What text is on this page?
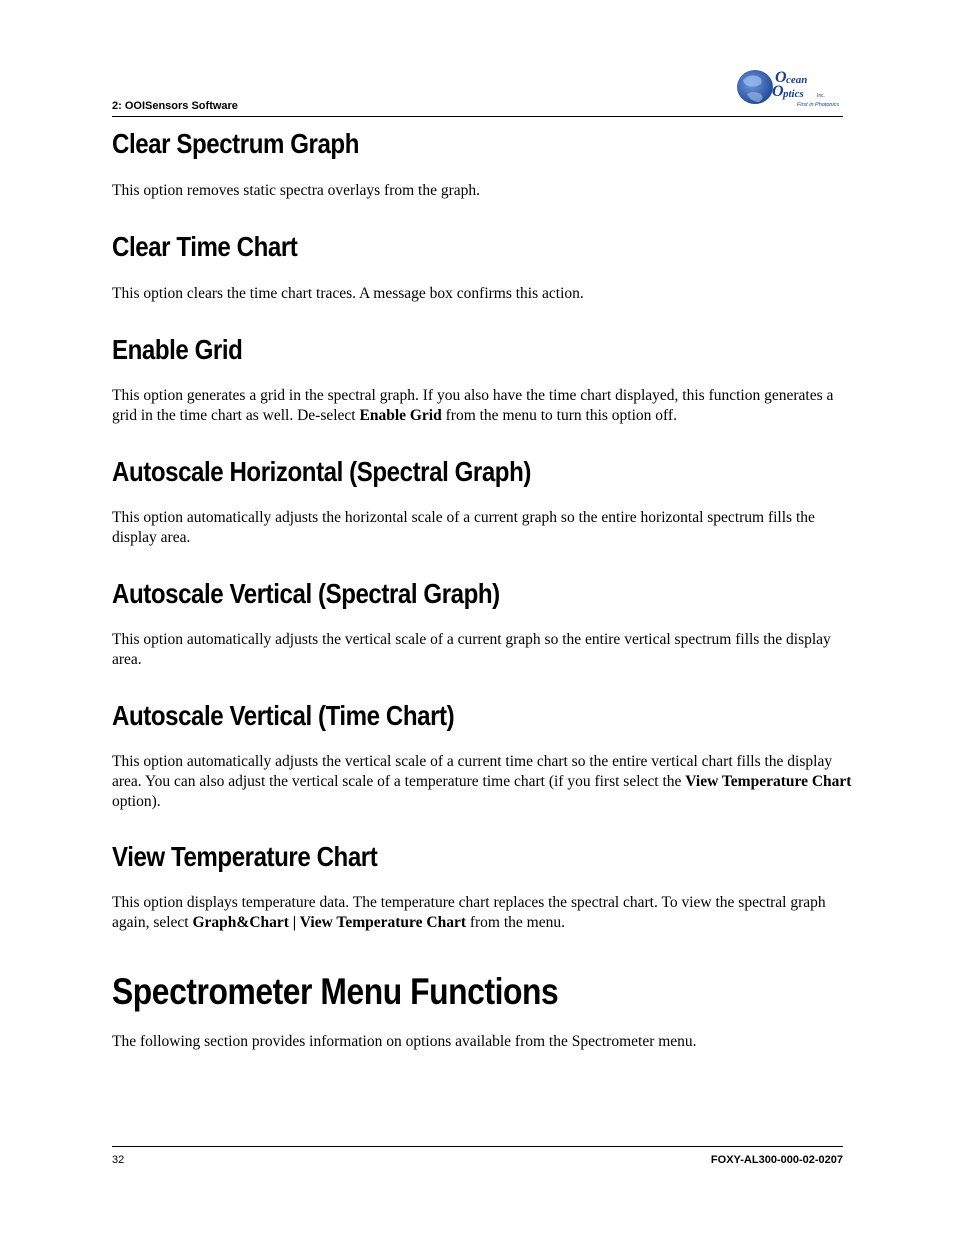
2: OOISensors Software
O cean
O ptics	Inc.
First in Photonics
Clear Spectrum Graph

This option removes static spectra overlays from the graph.

Clear Time Chart

This option clears the time chart traces. A message box confirms this action.

Enable Grid

This option generates a grid in the spectral graph. If you also have the time chart displayed, this function generates a grid in the time chart as well. De-select Enable Grid from the menu to turn this option off.

Autoscale Horizontal (Spectral Graph)

This option automatically adjusts the horizontal scale of a current graph so the entire horizontal spectrum fills the display area.

Autoscale Vertical (Spectral Graph)

This option automatically adjusts the vertical scale of a current graph so the entire vertical spectrum fills the display area.

Autoscale Vertical (Time Chart)

This option automatically adjusts the vertical scale of a current time chart so the entire vertical chart fills the display area. You can also adjust the vertical scale of a temperature time chart (if you first select the View Temperature Chart option).

View Temperature Chart

This option displays temperature data. The temperature chart replaces the spectral chart. To view the spectral graph again, select Graph&Chart | View Temperature Chart from the menu.

Spectrometer Menu Functions

The following section provides information on options available from the Spectrometer menu.

32	FOXY-AL300-000-02-0207
